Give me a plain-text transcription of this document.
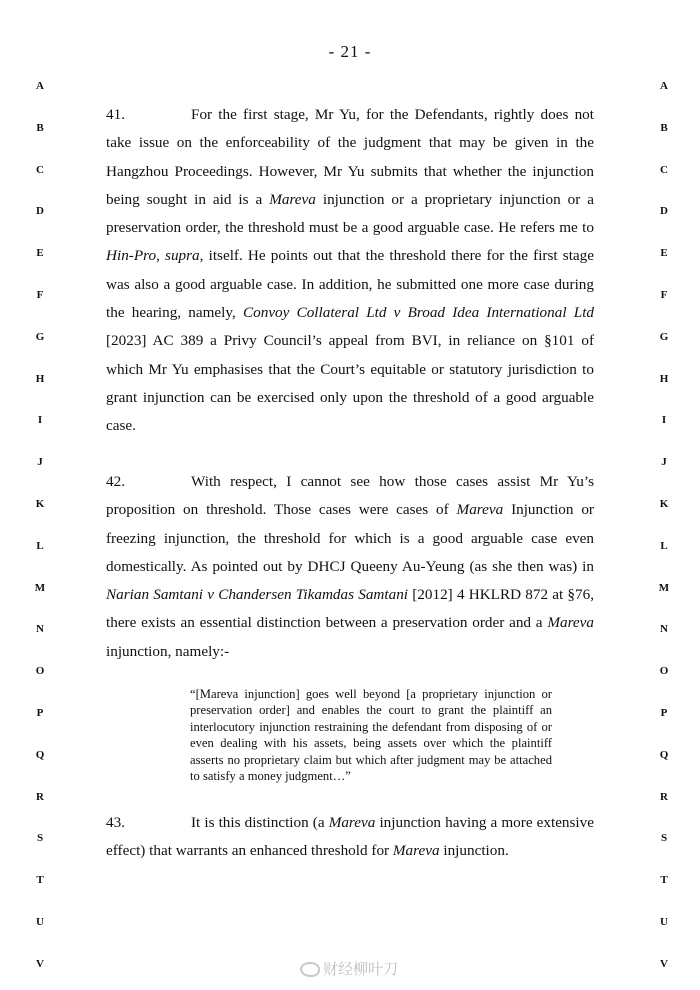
- 21 -
A
B
C
D
E
F
G
H
I
J
K
L
M
N
O
P
Q
R
S
T
U
V
A
B
C
D
E
F
G
H
I
J
K
L
M
N
O
P
Q
R
S
T
U
V
41.	For the first stage, Mr Yu, for the Defendants, rightly does not take issue on the enforceability of the judgment that may be given in the Hangzhou Proceedings. However, Mr Yu submits that whether the injunction being sought in aid is a Mareva injunction or a proprietary injunction or a preservation order, the threshold must be a good arguable case. He refers me to Hin-Pro, supra, itself. He points out that the threshold there for the first stage was also a good arguable case. In addition, he submitted one more case during the hearing, namely, Convoy Collateral Ltd v Broad Idea International Ltd [2023] AC 389 a Privy Council’s appeal from BVI, in reliance on §101 of which Mr Yu emphasises that the Court’s equitable or statutory jurisdiction to grant injunction can be exercised only upon the threshold of a good arguable case.
42.	With respect, I cannot see how those cases assist Mr Yu’s proposition on threshold. Those cases were cases of Mareva Injunction or freezing injunction, the threshold for which is a good arguable case even domestically. As pointed out by DHCJ Queeny Au-Yeung (as she then was) in Narian Samtani v Chandersen Tikamdas Samtani [2012] 4 HKLRD 872 at §76, there exists an essential distinction between a preservation order and a Mareva injunction, namely:-
“[Mareva injunction] goes well beyond [a proprietary injunction or preservation order] and enables the court to grant the plaintiff an interlocutory injunction restraining the defendant from disposing of or even dealing with his assets, being assets over which the plaintiff asserts no proprietary claim but which after judgment may be attached to satisfy a money judgment…”
43.	It is this distinction (a Mareva injunction having a more extensive effect) that warrants an enhanced threshold for Mareva injunction.
财经柳叶刀
